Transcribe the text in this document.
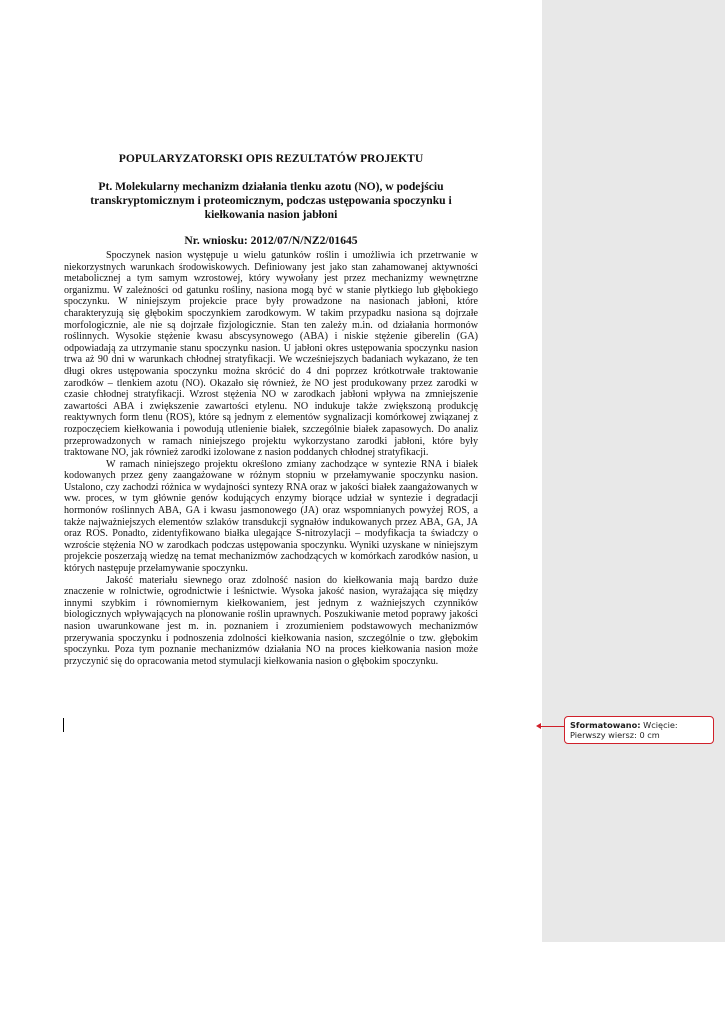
POPULARYZATORSKI OPIS REZULTATÓW PROJEKTU
Pt. Molekularny mechanizm działania tlenku azotu (NO), w podejściu transkryptomicznym i proteomicznym, podczas ustępowania spoczynku i kiełkowania nasion jabłoni
Nr. wniosku: 2012/07/N/NZ2/01645

Spoczynek nasion występuje u wielu gatunków roślin i umożliwia ich przetrwanie w niekorzystnych warunkach środowiskowych. Definiowany jest jako stan zahamowanej aktywności metabolicznej a tym samym wzrostowej, który wywołany jest przez mechanizmy wewnętrzne organizmu. W zależności od gatunku rośliny, nasiona mogą być w stanie płytkiego lub głębokiego spoczynku. W niniejszym projekcie prace były prowadzone na nasionach jabłoni, które charakteryzują się głębokim spoczynkiem zarodkowym. W takim przypadku nasiona są dojrzałe morfologicznie, ale nie są dojrzałe fizjologicznie. Stan ten zależy m.in. od działania hormonów roślinnych. Wysokie stężenie kwasu abscysynowego (ABA) i niskie stężenie giberelin (GA) odpowiadają za utrzymanie stanu spoczynku nasion. U jabłoni okres ustępowania spoczynku nasion trwa aż 90 dni w warunkach chłodnej stratyfikacji. We wcześniejszych badaniach wykazano, że ten długi okres ustępowania spoczynku można skrócić do 4 dni poprzez krótkotrwałe traktowanie zarodków – tlenkiem azotu (NO). Okazało się również, że NO jest produkowany przez zarodki w czasie chłodnej stratyfikacji. Wzrost stężenia NO w zarodkach jabłoni wpływa na zmniejszenie zawartości ABA i zwiększenie zawartości etylenu. NO indukuje także zwiększoną produkcję reaktywnych form tlenu (ROS), które są jednym z elementów sygnalizacji komórkowej związanej z rozpoczęciem kiełkowania i powodują utlenienie białek, szczególnie białek zapasowych. Do analiz przeprowadzonych w ramach niniejszego projektu wykorzystano zarodki jabłoni, które były traktowane NO, jak również zarodki izolowane z nasion poddanych chłodnej stratyfikacji.

W ramach niniejszego projektu określono zmiany zachodzące w syntezie RNA i białek kodowanych przez geny zaangażowane w różnym stopniu w przełamywanie spoczynku nasion. Ustalono, czy zachodzi różnica w wydajności syntezy RNA oraz w jakości białek zaangażowanych w ww. proces, w tym głównie genów kodujących enzymy biorące udział w syntezie i degradacji hormonów roślinnych ABA, GA i kwasu jasmonowego (JA) oraz wspomnianych powyżej ROS, a także najważniejszych elementów szlaków transdukcji sygnałów indukowanych przez ABA, GA, JA oraz ROS. Ponadto, zidentyfikowano białka ulegające S-nitrozylacji – modyfikacja ta świadczy o wzroście stężenia NO w zarodkach podczas ustępowania spoczynku. Wyniki uzyskane w niniejszym projekcie poszerzają wiedzę na temat mechanizmów zachodzących w komórkach zarodków nasion, u których następuje przełamywanie spoczynku.

Jakość materiału siewnego oraz zdolność nasion do kiełkowania mają bardzo duże znaczenie w rolnictwie, ogrodnictwie i leśnictwie. Wysoka jakość nasion, wyrażająca się między innymi szybkim i równomiernym kiełkowaniem, jest jednym z ważniejszych czynników biologicznych wpływających na plonowanie roślin uprawnych. Poszukiwanie metod poprawy jakości nasion uwarunkowane jest m. in. poznaniem i zrozumieniem podstawowych mechanizmów przerywania spoczynku i podnoszenia zdolności kiełkowania nasion, szczególnie o tzw. głębokim spoczynku. Poza tym poznanie mechanizmów działania NO na proces kiełkowania nasion może przyczynić się do opracowania metod stymulacji kiełkowania nasion o głębokim spoczynku.

Sformatowano: Wcięcie: Pierwszy wiersz: 0 cm
